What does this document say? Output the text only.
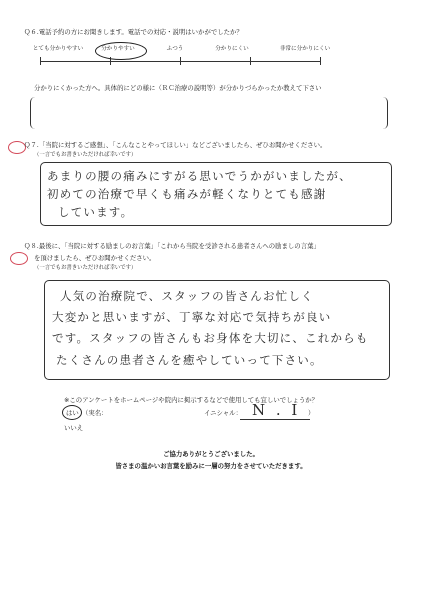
Ｑ６.電話予約の方にお聞きします。電話での対応・説明はいかがでしたか？
とても分かりやすい	分かりやすい	ふつう	分かりにくい	非常に分かりにくい
分かりにくかった方へ。具体的にどの様に（ＲＣ治療の説明等）が分かりづらかったか教えて下さい
Ｑ７.「当院に対するご感想」、「こんなことやってほしい」などございましたら、ぜひお聞かせください。
（一言でもお書きいただければ幸いです）
あまりの腰の痛みにすがる思いでうかがいましたが、
初めての治療で早くも痛みが軽くなりとても感謝
しています。
Ｑ８.最後に、「当院に対する励ましのお言葉」「これから当院を受診される患者さんへの励ましの言葉」
を頂けましたら、ぜひお聞かせください。
（一言でもお書きいただければ幸いです）
人気の治療院で、スタッフの皆さんお忙しく
大変かと思いますが、丁寧な対応で気持ちが良い
です。スタッフの皆さんもお身体を大切に、これからも
たくさんの患者さんを癒やしていって下さい。
※このアンケートをホームページや院内に掲示するなどで使用しても宜しいでしょうか？
はい （実名：	イニシャル： N . I ）
いいえ
ご協力ありがとうございました。
皆さまの温かいお言葉を励みに一層の努力をさせていただきます。
